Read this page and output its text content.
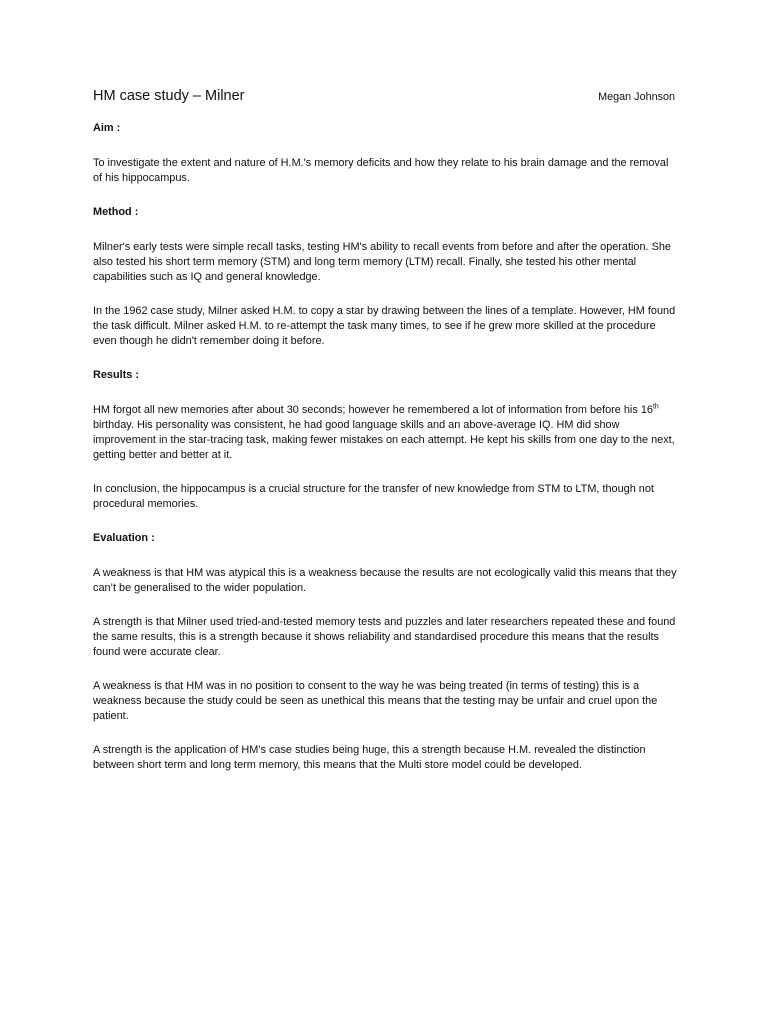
HM case study – Milner	Megan Johnson
Aim :

To investigate the extent and nature of H.M.'s memory deficits and how they relate to his brain damage and the removal of his hippocampus.

Method :

Milner's early tests were simple recall tasks, testing HM's ability to recall events from before and after the operation. She also tested his short term memory (STM) and long term memory (LTM) recall. Finally, she tested his other mental capabilities such as IQ and general knowledge.

In the 1962 case study, Milner asked H.M. to copy a star by drawing between the lines of a template. However, HM found the task difficult. Milner asked H.M. to re-attempt the task many times, to see if he grew more skilled at the procedure even though he didn't remember doing it before.

Results :

HM forgot all new memories after about 30 seconds; however he remembered a lot of information from before his 16th birthday. His personality was consistent, he had good language skills and an above-average IQ. HM did show improvement in the star-tracing task, making fewer mistakes on each attempt. He kept his skills from one day to the next, getting better and better at it.

In conclusion, the hippocampus is a crucial structure for the transfer of new knowledge from STM to LTM, though not procedural memories.

Evaluation :

A weakness is that HM was atypical this is a weakness because the results are not ecologically valid this means that they can’t be generalised to the wider population.

A strength is that Milner used tried-and-tested memory tests and puzzles and later researchers repeated these and found the same results, this is a strength because it shows reliability and standardised procedure this means that the results found were accurate clear.

A weakness is that HM was in no position to consent to the way he was being treated (in terms of testing) this is a weakness because the study could be seen as unethical this means that the testing may be unfair and cruel upon the patient.

A strength is the application of HM’s case studies being huge, this a strength because H.M. revealed the distinction between short term and long term memory, this means that the Multi store model could be developed.
